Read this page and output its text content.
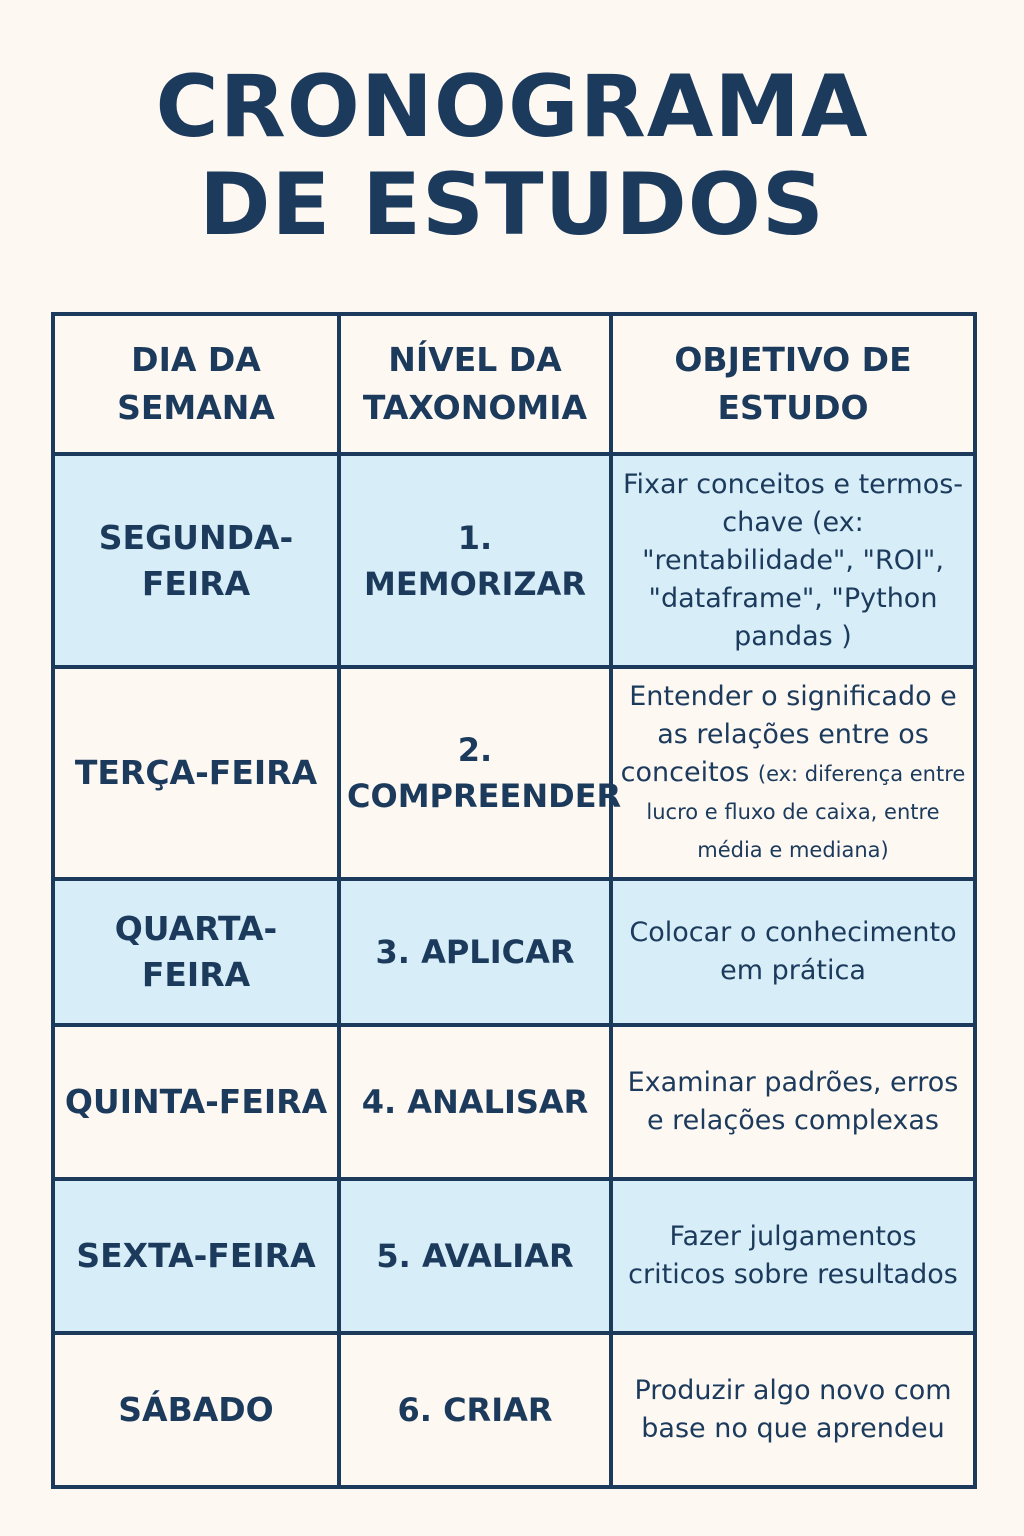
CRONOGRAMA
DE ESTUDOS
DIA DA SEMANA	NÍVEL DA TAXONOMIA	OBJETIVO DE ESTUDO
SEGUNDA-FEIRA	1. MEMORIZAR	Fixar conceitos e termos-chave (ex: "rentabilidade", "ROI", "dataframe", "Python pandas )
TERÇA-FEIRA	2. COMPREENDER	Entender o significado e as relações entre os conceitos (ex: diferença entre lucro e fluxo de caixa, entre média e mediana)
QUARTA-FEIRA	3. APLICAR	Colocar o conhecimento em prática
QUINTA-FEIRA	4. ANALISAR	Examinar padrões, erros e relações complexas
SEXTA-FEIRA	5. AVALIAR	Fazer julgamentos criticos sobre resultados
SÁBADO	6. CRIAR	Produzir algo novo com base no que aprendeu
